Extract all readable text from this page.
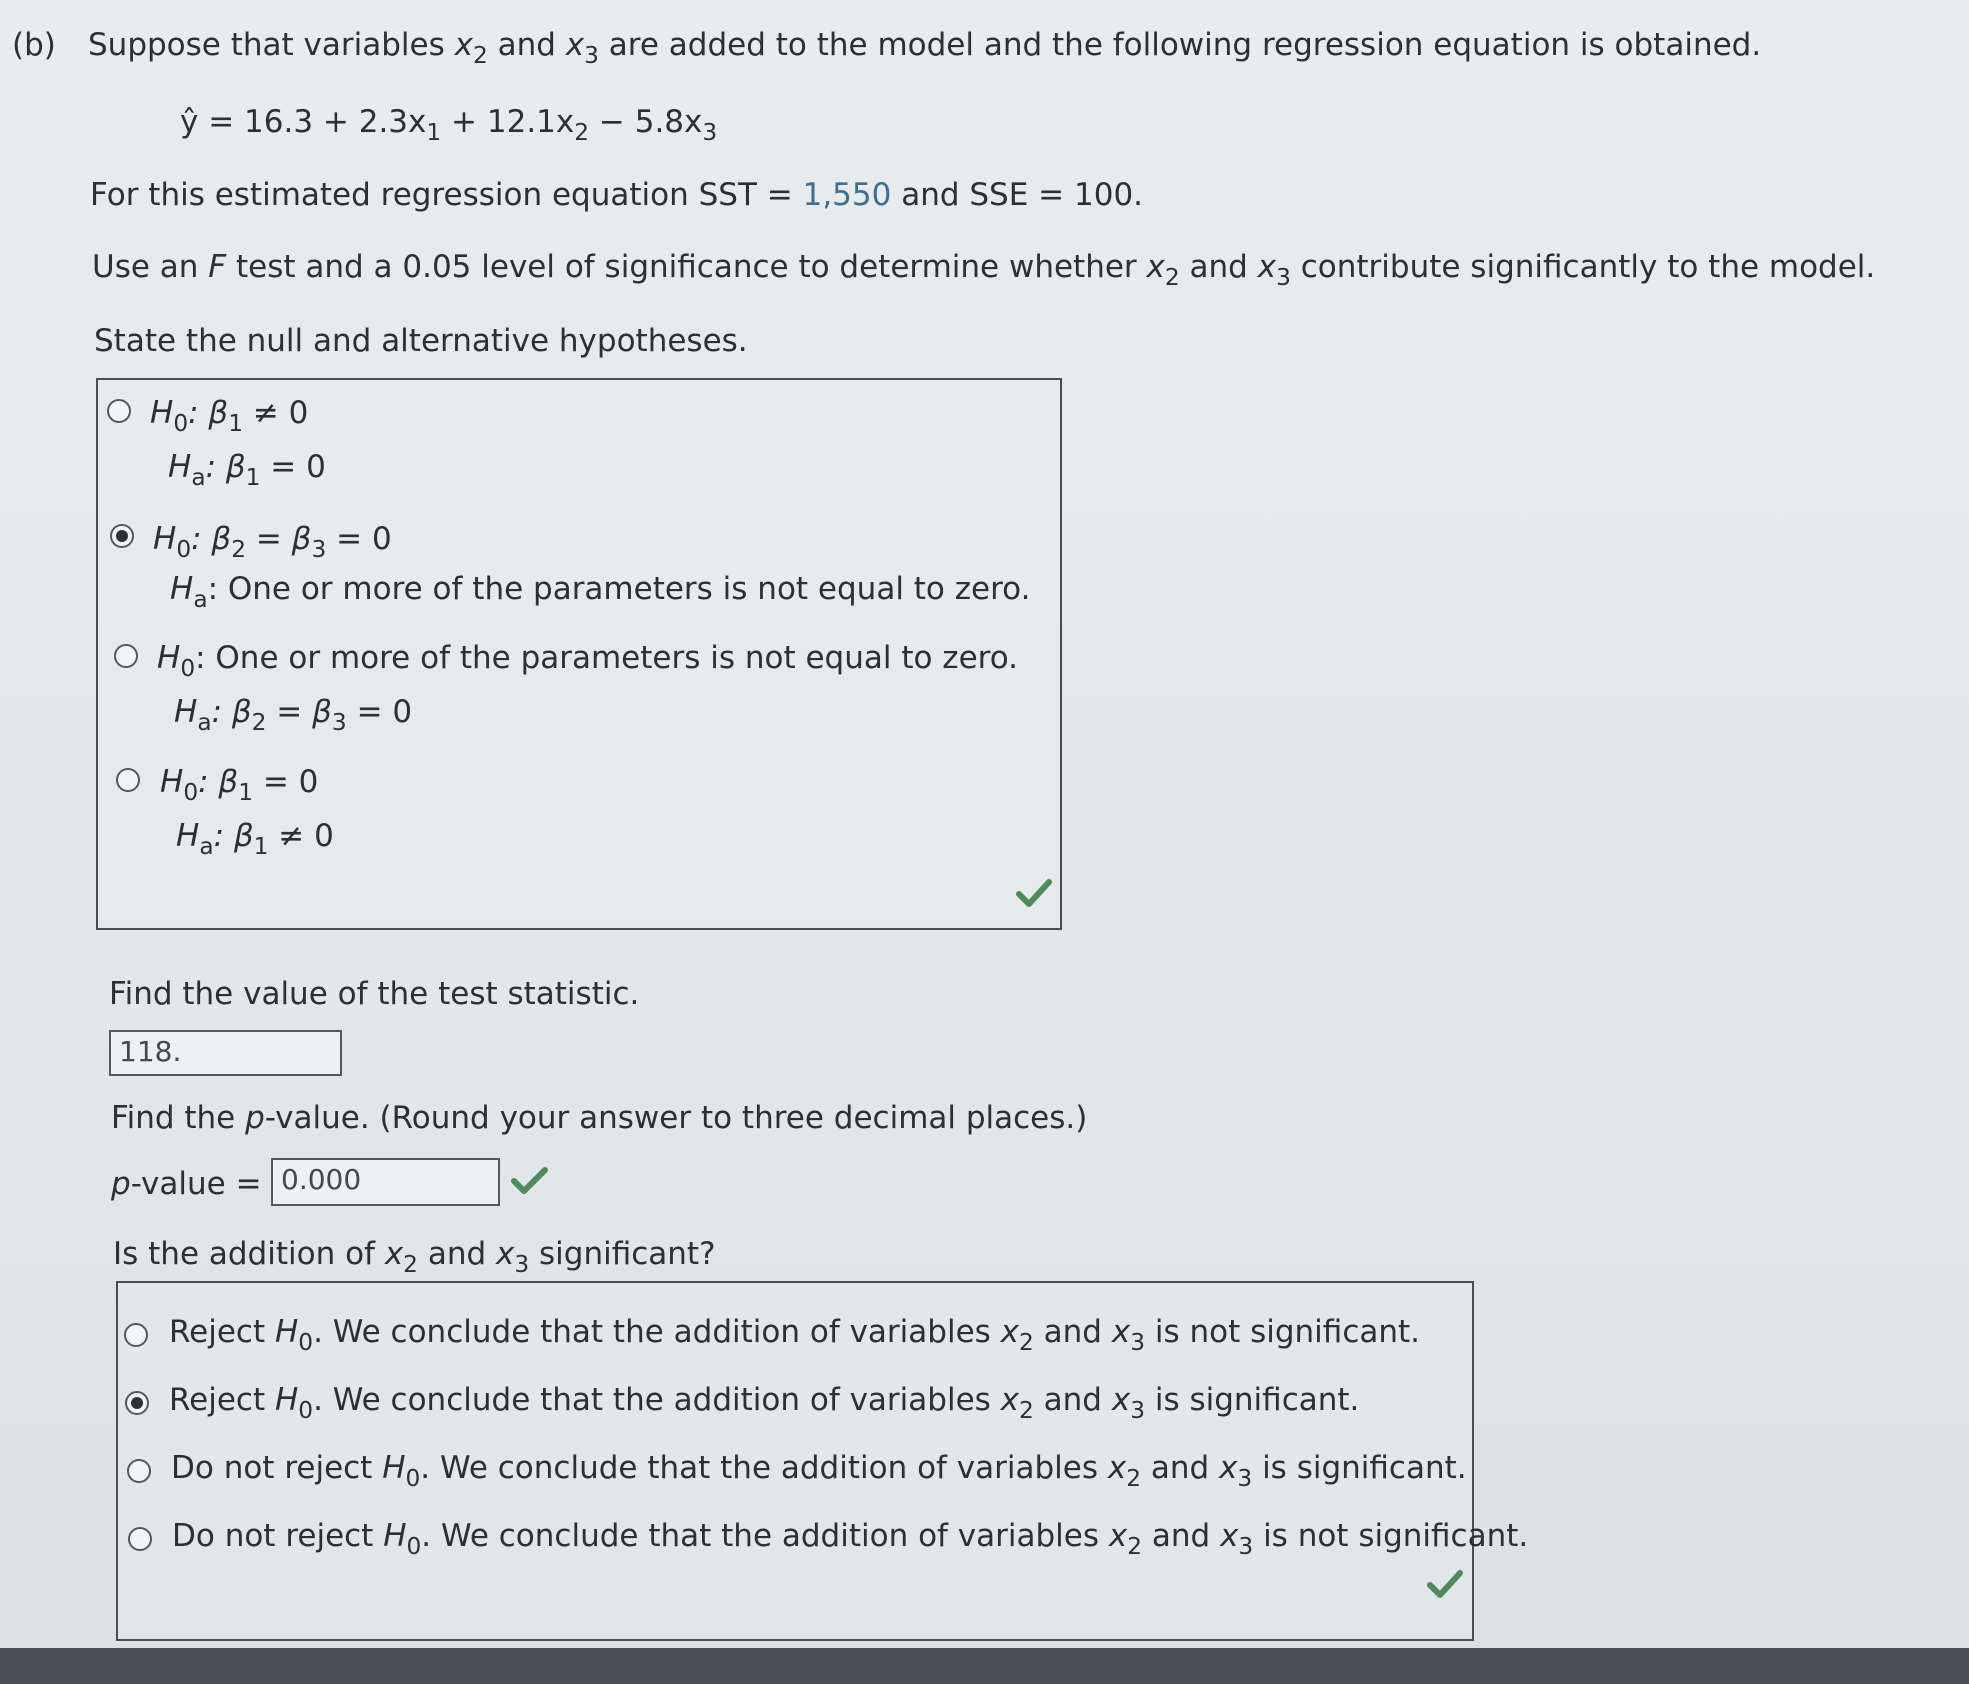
(b) Suppose that variables $x_2$ and $x_3$ are added to the model and the following regression equation is obtained.
ŷ = $16.3 + 2.3x_1 + 12.1x_2 - 5.8x_3$
For this estimated regression equation SST = 1,550 and SSE = 100.
Use an F test and a 0.05 level of significance to determine whether $x_2$ and $x_3$ contribute significantly to the model.
State the null and alternative hypotheses.
$H_0$: $\beta_1 \ne 0$
$H_a$: $\beta_1 = 0$
$H_0$: $\beta_2 = \beta_3 = 0$
$H_a$: One or more of the parameters is not equal to zero.
$H_0$: One or more of the parameters is not equal to zero.
$H_a$: $\beta_2 = \beta_3 = 0$
$H_0$: $\beta_1 = 0$
$H_a$: $\beta_1 \ne 0$
Find the value of the test statistic.
118.
Find the p-value. (Round your answer to three decimal places.)
p-value = 0.000
Is the addition of $x_2$ and $x_3$ significant?
Reject $H_0$. We conclude that the addition of variables $x_2$ and $x_3$ is not significant.
Reject $H_0$. We conclude that the addition of variables $x_2$ and $x_3$ is significant.
Do not reject $H_0$. We conclude that the addition of variables $x_2$ and $x_3$ is significant.
Do not reject $H_0$. We conclude that the addition of variables $x_2$ and $x_3$ is not significant.
